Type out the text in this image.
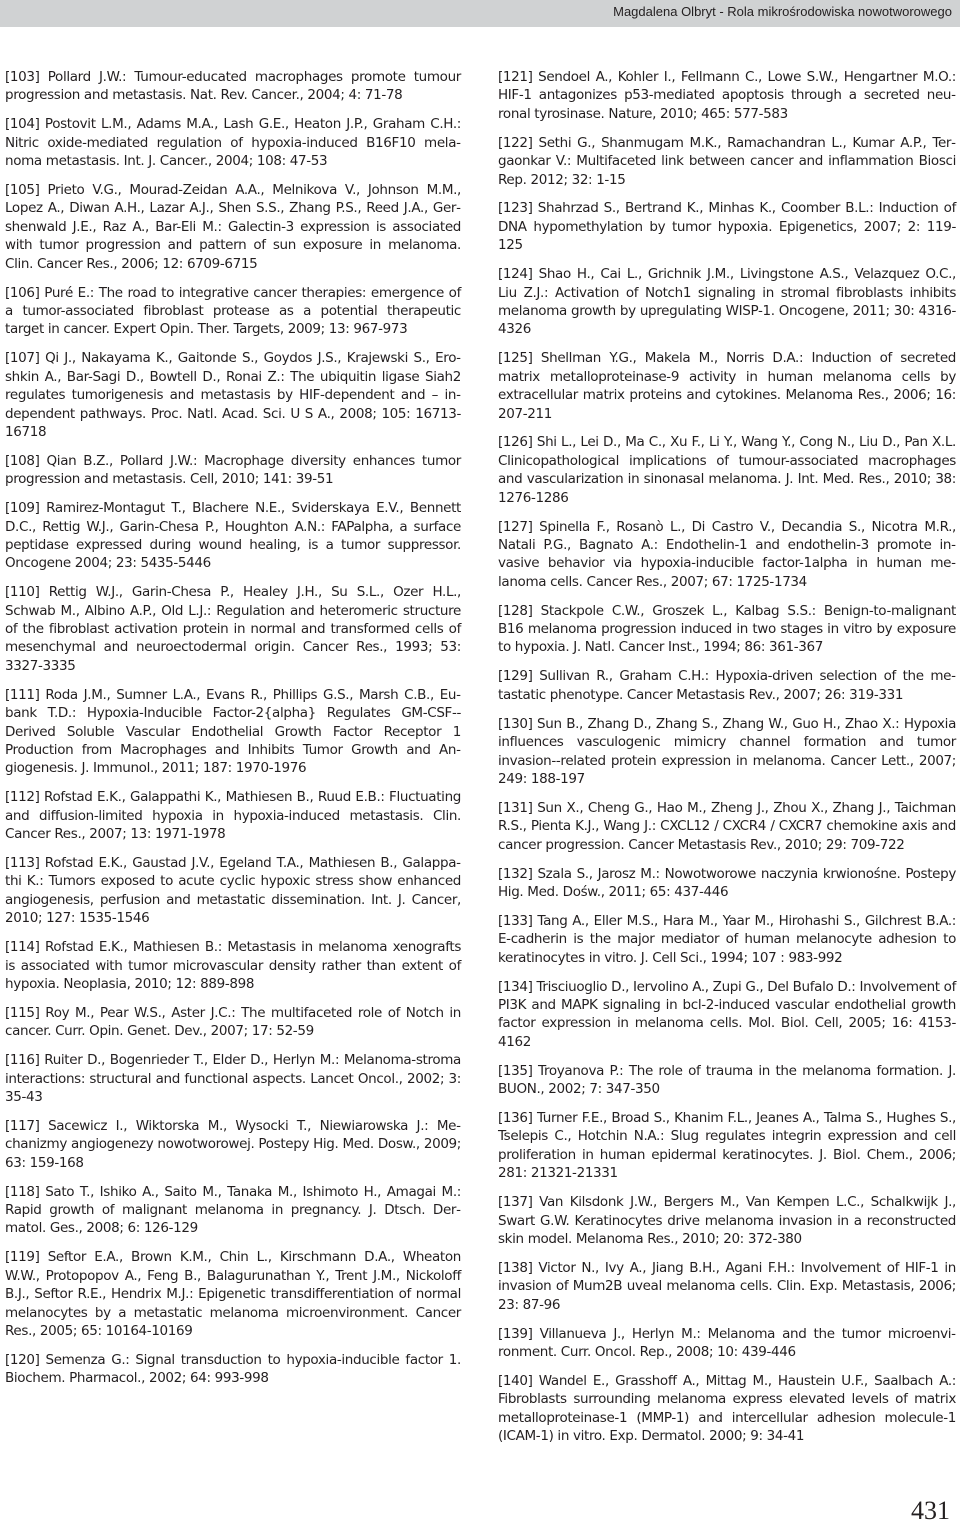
Magdalena Olbryt - Rola mikrośrodowiska nowotworowego

[103] Pollard J.W.: Tumour-educated macrophages promote tumour progression and metastasis. Nat. Rev. Cancer., 2004; 4: 71-78

[104] Postovit L.M., Adams M.A., Lash G.E., Heaton J.P., Graham C.H.: Nitric oxide-mediated regulation of hypoxia-induced B16F10 melanoma metastasis. Int. J. Cancer., 2004; 108: 47-53

[105] Prieto V.G., Mourad-Zeidan A.A., Melnikova V., Johnson M.M., Lopez A., Diwan A.H., Lazar A.J., Shen S.S., Zhang P.S., Reed J.A., Gershenwald J.E., Raz A., Bar-Eli M.: Galectin-3 expression is associated with tumor progression and pattern of sun exposure in melanoma. Clin. Cancer Res., 2006; 12: 6709-6715

[106] Puré E.: The road to integrative cancer therapies: emergence of a tumor-associated fibroblast protease as a potential therapeutic target in cancer. Expert Opin. Ther. Targets, 2009; 13: 967-973

[107] Qi J., Nakayama K., Gaitonde S., Goydos J.S., Krajewski S., Eroshkin A., Bar-Sagi D., Bowtell D., Ronai Z.: The ubiquitin ligase Siah2 regulates tumorigenesis and metastasis by HIF-dependent and – independent pathways. Proc. Natl. Acad. Sci. U S A., 2008; 105: 16713-16718

[108] Qian B.Z., Pollard J.W.: Macrophage diversity enhances tumor progression and metastasis. Cell, 2010; 141: 39-51

[109] Ramirez-Montagut T., Blachere N.E., Sviderskaya E.V., Bennett D.C., Rettig W.J., Garin-Chesa P., Houghton A.N.: FAPalpha, a surface peptidase expressed during wound healing, is a tumor suppressor. Oncogene 2004; 23: 5435-5446

[110] Rettig W.J., Garin-Chesa P., Healey J.H., Su S.L., Ozer H.L., Schwab M., Albino A.P., Old L.J.: Regulation and heteromeric structure of the fibroblast activation protein in normal and transformed cells of mesenchymal and neuroectodermal origin. Cancer Res., 1993; 53: 3327-3335

[111] Roda J.M., Sumner L.A., Evans R., Phillips G.S., Marsh C.B., Eubank T.D.: Hypoxia-Inducible Factor-2{alpha} Regulates GM-CSF--Derived Soluble Vascular Endothelial Growth Factor Receptor 1 Production from Macrophages and Inhibits Tumor Growth and Angiogenesis. J. Immunol., 2011; 187: 1970-1976

[112] Rofstad E.K., Galappathi K., Mathiesen B., Ruud E.B.: Fluctuating and diffusion-limited hypoxia in hypoxia-induced metastasis. Clin. Cancer Res., 2007; 13: 1971-1978

[113] Rofstad E.K., Gaustad J.V., Egeland T.A., Mathiesen B., Galappathi K.: Tumors exposed to acute cyclic hypoxic stress show enhanced angiogenesis, perfusion and metastatic dissemination. Int. J. Cancer, 2010; 127: 1535-1546

[114] Rofstad E.K., Mathiesen B.: Metastasis in melanoma xenografts is associated with tumor microvascular density rather than extent of hypoxia. Neoplasia, 2010; 12: 889-898

[115] Roy M., Pear W.S., Aster J.C.: The multifaceted role of Notch in cancer. Curr. Opin. Genet. Dev., 2007; 17: 52-59

[116] Ruiter D., Bogenrieder T., Elder D., Herlyn M.: Melanoma-stroma interactions: structural and functional aspects. Lancet Oncol., 2002; 3: 35-43

[117] Sacewicz I., Wiktorska M., Wysocki T., Niewiarowska J.: Mechanizmy angiogenezy nowotworowej. Postepy Hig. Med. Dosw., 2009; 63: 159-168

[118] Sato T., Ishiko A., Saito M., Tanaka M., Ishimoto H., Amagai M.: Rapid growth of malignant melanoma in pregnancy. J. Dtsch. Dermatol. Ges., 2008; 6: 126-129

[119] Seftor E.A., Brown K.M., Chin L., Kirschmann D.A., Wheaton W.W., Protopopov A., Feng B., Balagurunathan Y., Trent J.M., Nickoloff B.J., Seftor R.E., Hendrix M.J.: Epigenetic transdifferentiation of normal melanocytes by a metastatic melanoma microenvironment. Cancer Res., 2005; 65: 10164-10169

[120] Semenza G.: Signal transduction to hypoxia-inducible factor 1. Biochem. Pharmacol., 2002; 64: 993-998

[121] Sendoel A., Kohler I., Fellmann C., Lowe S.W., Hengartner M.O.: HIF-1 antagonizes p53-mediated apoptosis through a secreted neuronal tyrosinase. Nature, 2010; 465: 577-583

[122] Sethi G., Shanmugam M.K., Ramachandran L., Kumar A.P., Tergaonkar V.: Multifaceted link between cancer and inflammation Biosci Rep. 2012; 32: 1-15

[123] Shahrzad S., Bertrand K., Minhas K., Coomber B.L.: Induction of DNA hypomethylation by tumor hypoxia. Epigenetics, 2007; 2: 119-125

[124] Shao H., Cai L., Grichnik J.M., Livingstone A.S., Velazquez O.C., Liu Z.J.: Activation of Notch1 signaling in stromal fibroblasts inhibits melanoma growth by upregulating WISP-1. Oncogene, 2011; 30: 4316-4326

[125] Shellman Y.G., Makela M., Norris D.A.: Induction of secreted matrix metalloproteinase-9 activity in human melanoma cells by extracellular matrix proteins and cytokines. Melanoma Res., 2006; 16: 207-211

[126] Shi L., Lei D., Ma C., Xu F., Li Y., Wang Y., Cong N., Liu D., Pan X.L. Clinicopathological implications of tumour-associated macrophages and vascularization in sinonasal melanoma. J. Int. Med. Res., 2010; 38: 1276-1286

[127] Spinella F., Rosanò L., Di Castro V., Decandia S., Nicotra M.R., Natali P.G., Bagnato A.: Endothelin-1 and endothelin-3 promote invasive behavior via hypoxia-inducible factor-1alpha in human melanoma cells. Cancer Res., 2007; 67: 1725-1734

[128] Stackpole C.W., Groszek L., Kalbag S.S.: Benign-to-malignant B16 melanoma progression induced in two stages in vitro by exposure to hypoxia. J. Natl. Cancer Inst., 1994; 86: 361-367

[129] Sullivan R., Graham C.H.: Hypoxia-driven selection of the metastatic phenotype. Cancer Metastasis Rev., 2007; 26: 319-331

[130] Sun B., Zhang D., Zhang S., Zhang W., Guo H., Zhao X.: Hypoxia influences vasculogenic mimicry channel formation and tumor invasion--related protein expression in melanoma. Cancer Lett., 2007; 249: 188-197

[131] Sun X., Cheng G., Hao M., Zheng J., Zhou X., Zhang J., Taichman R.S., Pienta K.J., Wang J.: CXCL12 / CXCR4 / CXCR7 chemokine axis and cancer progression. Cancer Metastasis Rev., 2010; 29: 709-722

[132] Szala S., Jarosz M.: Nowotworowe naczynia krwionośne. Postepy Hig. Med. Dośw., 2011; 65: 437-446

[133] Tang A., Eller M.S., Hara M., Yaar M., Hirohashi S., Gilchrest B.A.: E-cadherin is the major mediator of human melanocyte adhesion to keratinocytes in vitro. J. Cell Sci., 1994; 107 : 983-992

[134] Trisciuoglio D., Iervolino A., Zupi G., Del Bufalo D.: Involvement of PI3K and MAPK signaling in bcl-2-induced vascular endothelial growth factor expression in melanoma cells. Mol. Biol. Cell, 2005; 16: 4153-4162

[135] Troyanova P.: The role of trauma in the melanoma formation. J. BUON., 2002; 7: 347-350

[136] Turner F.E., Broad S., Khanim F.L., Jeanes A., Talma S., Hughes S., Tselepis C., Hotchin N.A.: Slug regulates integrin expression and cell proliferation in human epidermal keratinocytes. J. Biol. Chem., 2006; 281: 21321-21331

[137] Van Kilsdonk J.W., Bergers M., Van Kempen L.C., Schalkwijk J., Swart G.W. Keratinocytes drive melanoma invasion in a reconstructed skin model. Melanoma Res., 2010; 20: 372-380

[138] Victor N., Ivy A., Jiang B.H., Agani F.H.: Involvement of HIF-1 in invasion of Mum2B uveal melanoma cells. Clin. Exp. Metastasis, 2006; 23: 87-96

[139] Villanueva J., Herlyn M.: Melanoma and the tumor microenvironment. Curr. Oncol. Rep., 2008; 10: 439-446

[140] Wandel E., Grasshoff A., Mittag M., Haustein U.F., Saalbach A.: Fibroblasts surrounding melanoma express elevated levels of matrix metalloproteinase-1 (MMP-1) and intercellular adhesion molecule-1 (ICAM-1) in vitro. Exp. Dermatol. 2000; 9: 34-41

431
